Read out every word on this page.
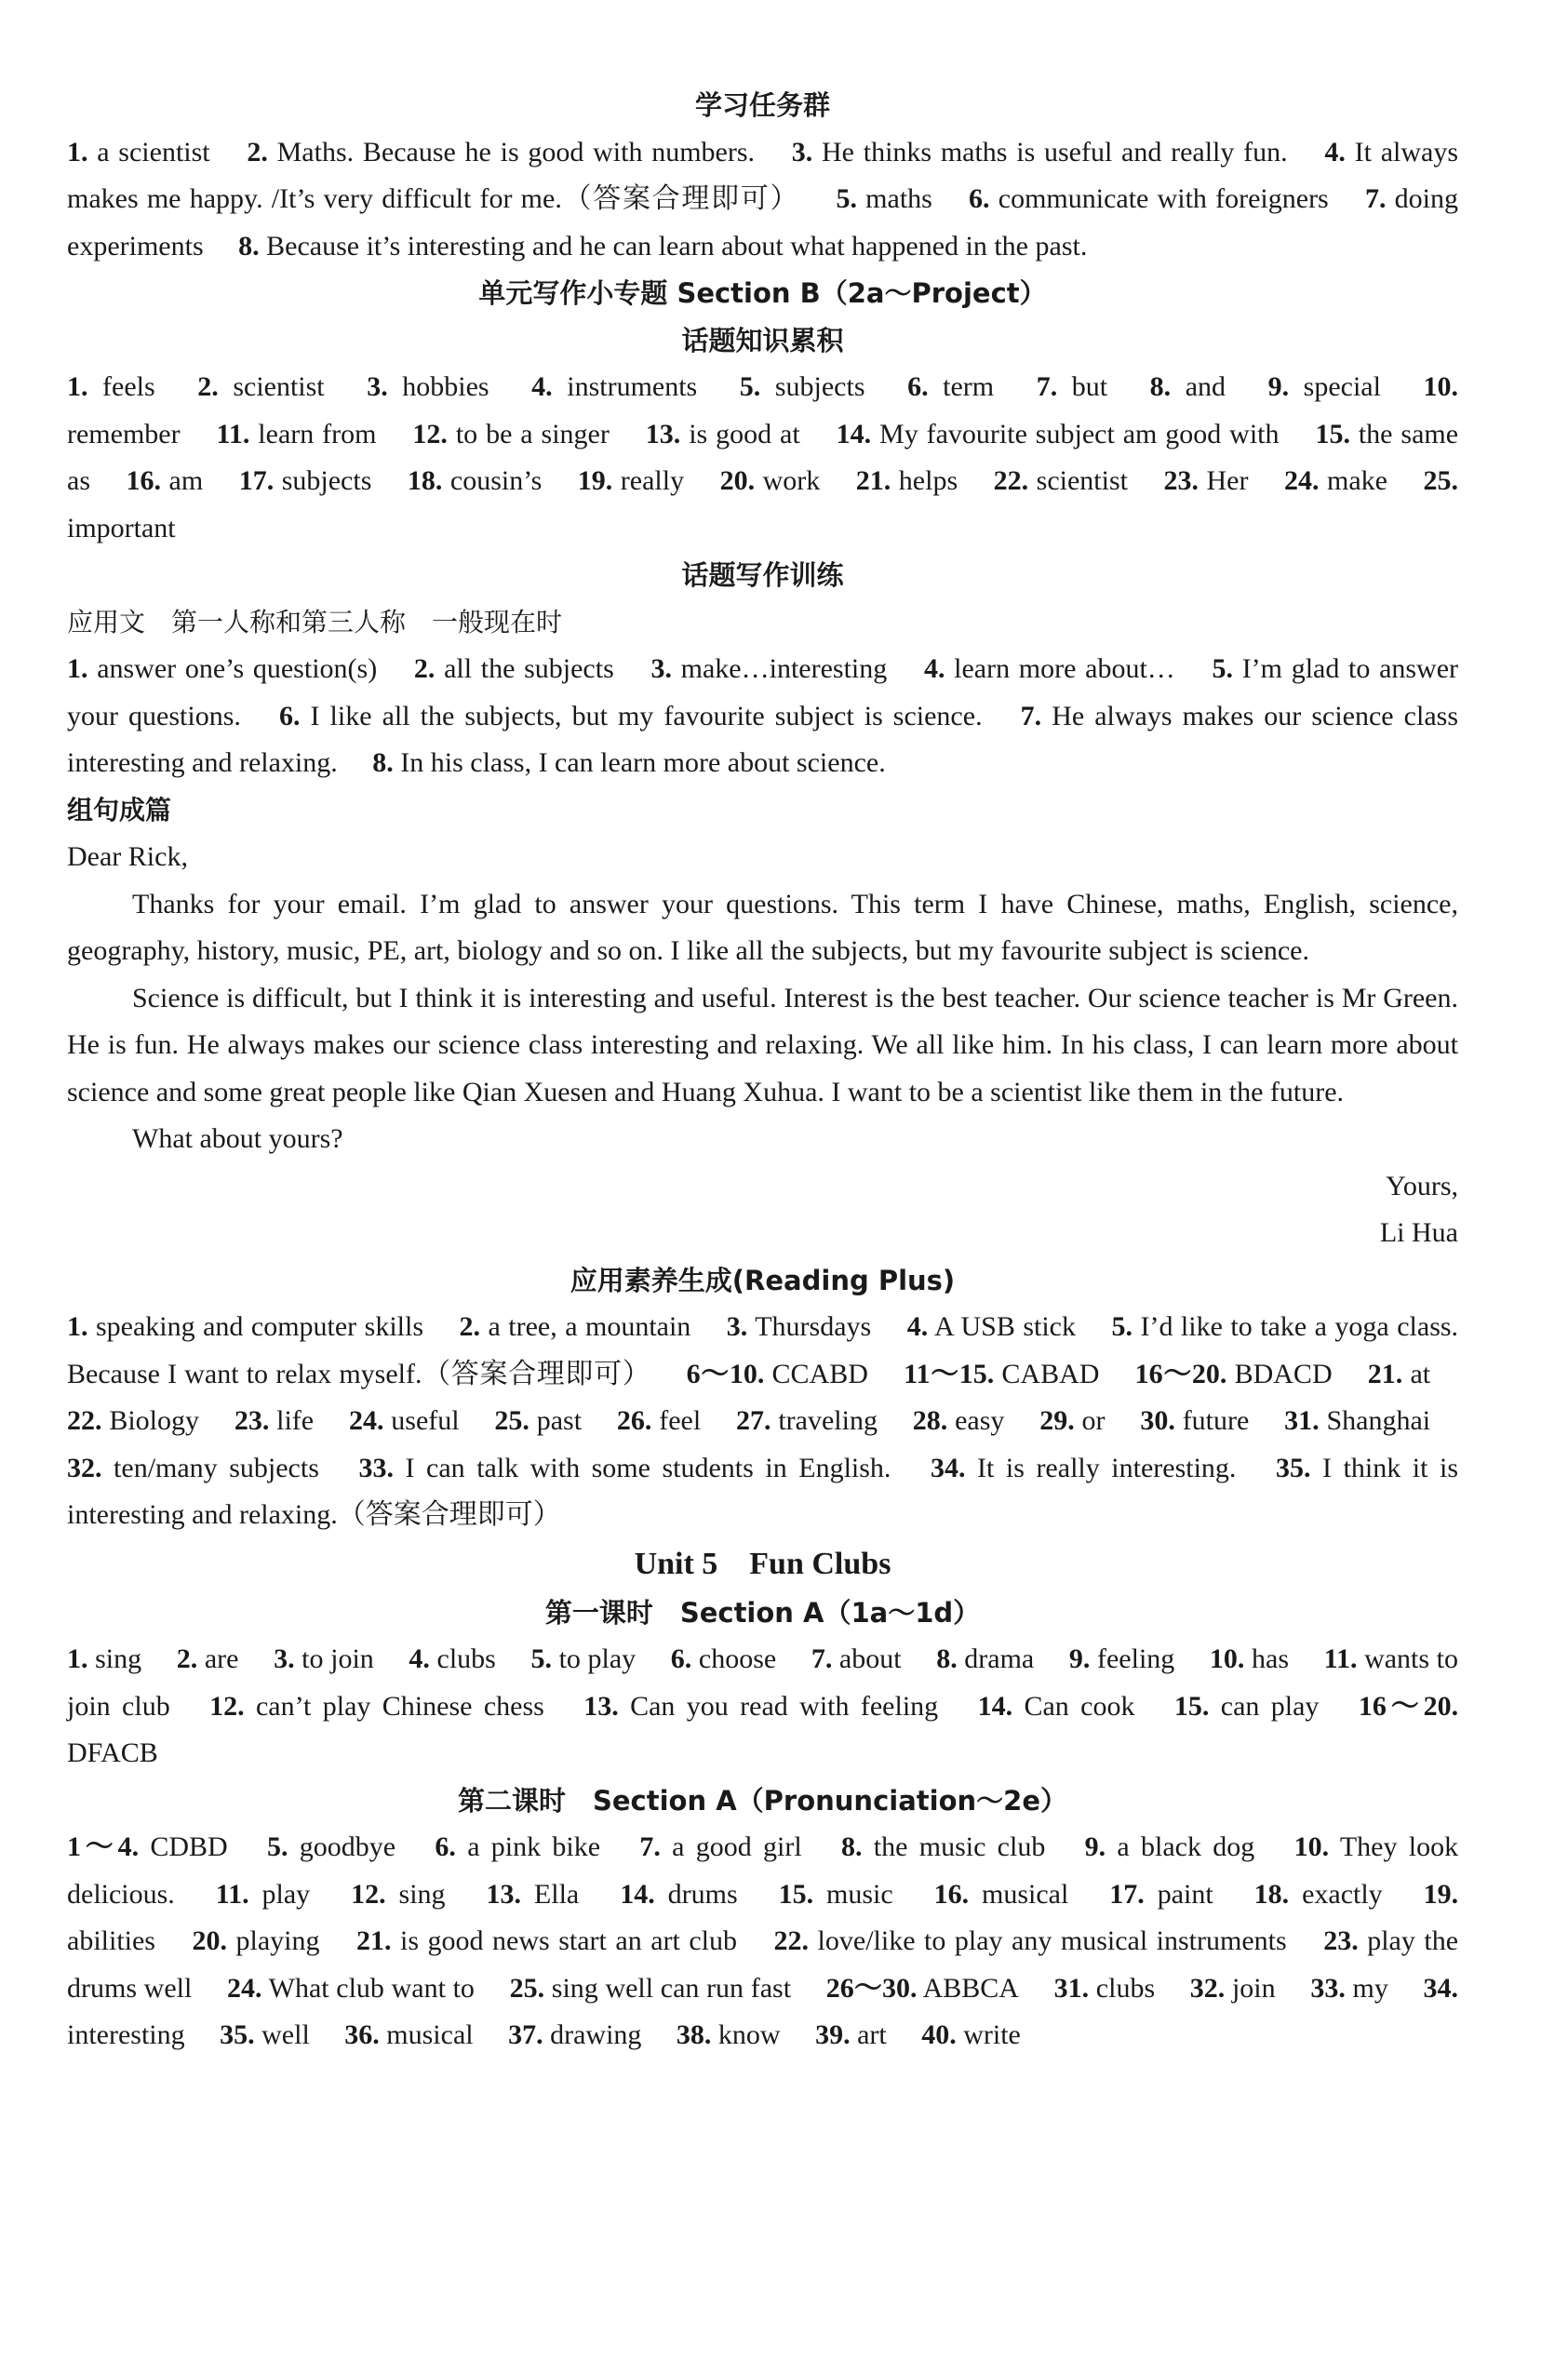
学习任务群

1. a scientist  2. Maths. Because he is good with numbers.  3. He thinks maths is useful and really fun.  4. It always makes me happy. /It’s very difficult for me.（答案合理即可）  5. maths  6. communicate with foreigners  7. doing experiments  8. Because it’s interesting and he can learn about what happened in the past. 

单元写作小专题 Section B（2a～Project）
话题知识累积

1. feels  2. scientist  3. hobbies  4. instruments  5. subjects  6. term  7. but  8. and  9. special  10. remember  11. learn from  12. to be a singer  13. is good at  14. My favourite subject am good with  15. the same as  16. am  17. subjects  18. cousin’s  19. really  20. work  21. helps  22. scientist  23. Her  24. make  25. important 

话题写作训练

应用文　第一人称和第三人称　一般现在时

1. answer one’s question(s)  2. all the subjects  3. make…interesting  4. learn more about…  5. I’m glad to answer your questions.  6. I like all the subjects, but my favourite subject is science.  7. He always makes our science class interesting and relaxing.  8. In his class, I can learn more about science. 

组句成篇

Dear Rick,

Thanks for your email. I’m glad to answer your questions. This term I have Chinese, maths, English, science, geography, history, music, PE, art, biology and so on. I like all the subjects, but my favourite subject is science.

Science is difficult, but I think it is interesting and useful. Interest is the best teacher. Our science teacher is Mr Green. He is fun. He always makes our science class interesting and relaxing. We all like him. In his class, I can learn more about science and some great people like Qian Xuesen and Huang Xuhua. I want to be a scientist like them in the future.

What about yours?

Yours,

Li Hua

应用素养生成(Reading Plus)

1. speaking and computer skills  2. a tree, a mountain  3. Thursdays  4. A USB stick  5. I’d like to take a yoga class. Because I want to relax myself.（答案合理即可）  6～10. CCABD  11～15. CABAD  16～20. BDACD  21. at  22. Biology  23. life  24. useful  25. past  26. feel  27. traveling  28. easy  29. or  30. future  31. Shanghai  32. ten/many subjects  33. I can talk with some students in English.  34. It is really interesting.  35. I think it is interesting and relaxing.（答案合理即可） 

Unit 5　Fun Clubs
第一课时　Section A（1a～1d）

1. sing  2. are  3. to join  4. clubs  5. to play  6. choose  7. about  8. drama  9. feeling  10. has  11. wants to join club  12. can’t play Chinese chess  13. Can you read with feeling  14. Can cook  15. can play  16～20. DFACB 

第二课时　Section A（Pronunciation～2e）

1～4. CDBD  5. goodbye  6. a pink bike  7. a good girl  8. the music club  9. a black dog  10. They look delicious.  11. play  12. sing  13. Ella  14. drums  15. music  16. musical  17. paint  18. exactly  19. abilities  20. playing  21. is good news start an art club  22. love/like to play any musical instruments  23. play the drums well  24. What club want to  25. sing well can run fast  26～30. ABBCA  31. clubs  32. join  33. my  34. interesting  35. well  36. musical  37. drawing  38. know  39. art  40. write 
